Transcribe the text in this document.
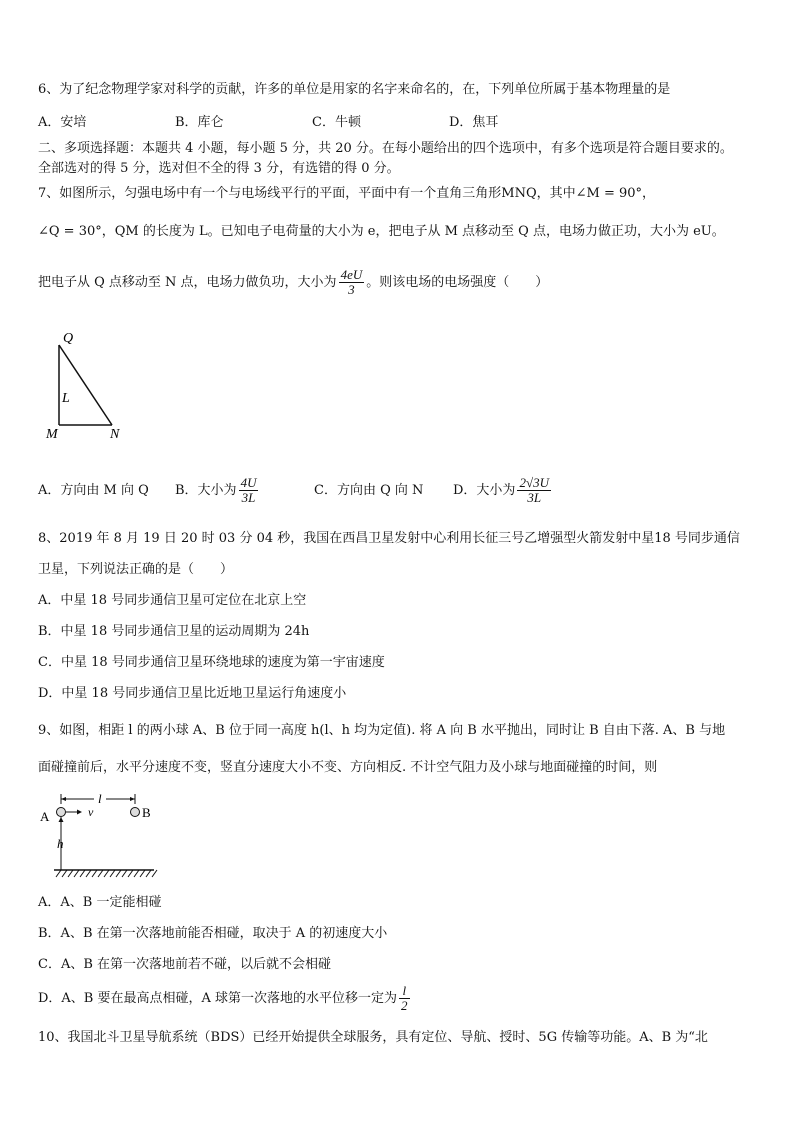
6、为了纪念物理学家对科学的贡献，许多的单位是用家的名字来命名的，在，下列单位所属于基本物理量的是
A．安培	B．库仑	C．牛顿	D．焦耳
二、多项选择题：本题共 4 小题，每小题 5 分，共 20 分。在每小题给出的四个选项中，有多个选项是符合题目要求的。
全部选对的得 5 分，选对但不全的得 3 分，有选错的得 0 分。
7、如图所示，匀强电场中有一个与电场线平行的平面，平面中有一个直角三角形MNQ，其中∠M = 90°，
∠Q = 30°，QM 的长度为 L。已知电子电荷量的大小为 e，把电子从 M 点移动至 Q 点，电场力做正功，大小为 eU。
把电子从 Q 点移动至 N 点，电场力做负功，大小为 $\frac{4eU}{3}$ 。则该电场的电场强度（　　）
Q
L
M	N
A．方向由 M 向 Q B．大小为 $\frac{4U}{3L}$	C．方向由 Q 向 N D．大小为 $\frac{2√3U}{3L}$
8、2019 年 8 月 19 日 20 时 03 分 04 秒，我国在西昌卫星发射中心利用长征三号乙增强型火箭发射中星18 号同步通信
卫星，下列说法正确的是（　　）
A．中星 18 号同步通信卫星可定位在北京上空
B．中星 18 号同步通信卫星的运动周期为 24h
C．中星 18 号同步通信卫星环绕地球的速度为第一宇宙速度
D．中星 18 号同步通信卫星比近地卫星运行角速度小
9、如图，相距 l 的两小球 A、B 位于同一高度 h(l、h 均为定值). 将 A 向 B 水平抛出，同时让 B 自由下落. A、B 与地
面碰撞前后，水平分速度不变，竖直分速度大小不变、方向相反. 不计空气阻力及小球与地面碰撞的时间，则
l
A	B
v
h
A．A、B 一定能相碰
B．A、B 在第一次落地前能否相碰，取决于 A 的初速度大小
C．A、B 在第一次落地前若不碰，以后就不会相碰
D．A、B 要在最高点相碰，A 球第一次落地的水平位移一定为 $\frac{l}{2}$
10、我国北斗卫星导航系统（BDS）已经开始提供全球服务，具有定位、导航、授时、5G 传输等功能。A、B 为“北
